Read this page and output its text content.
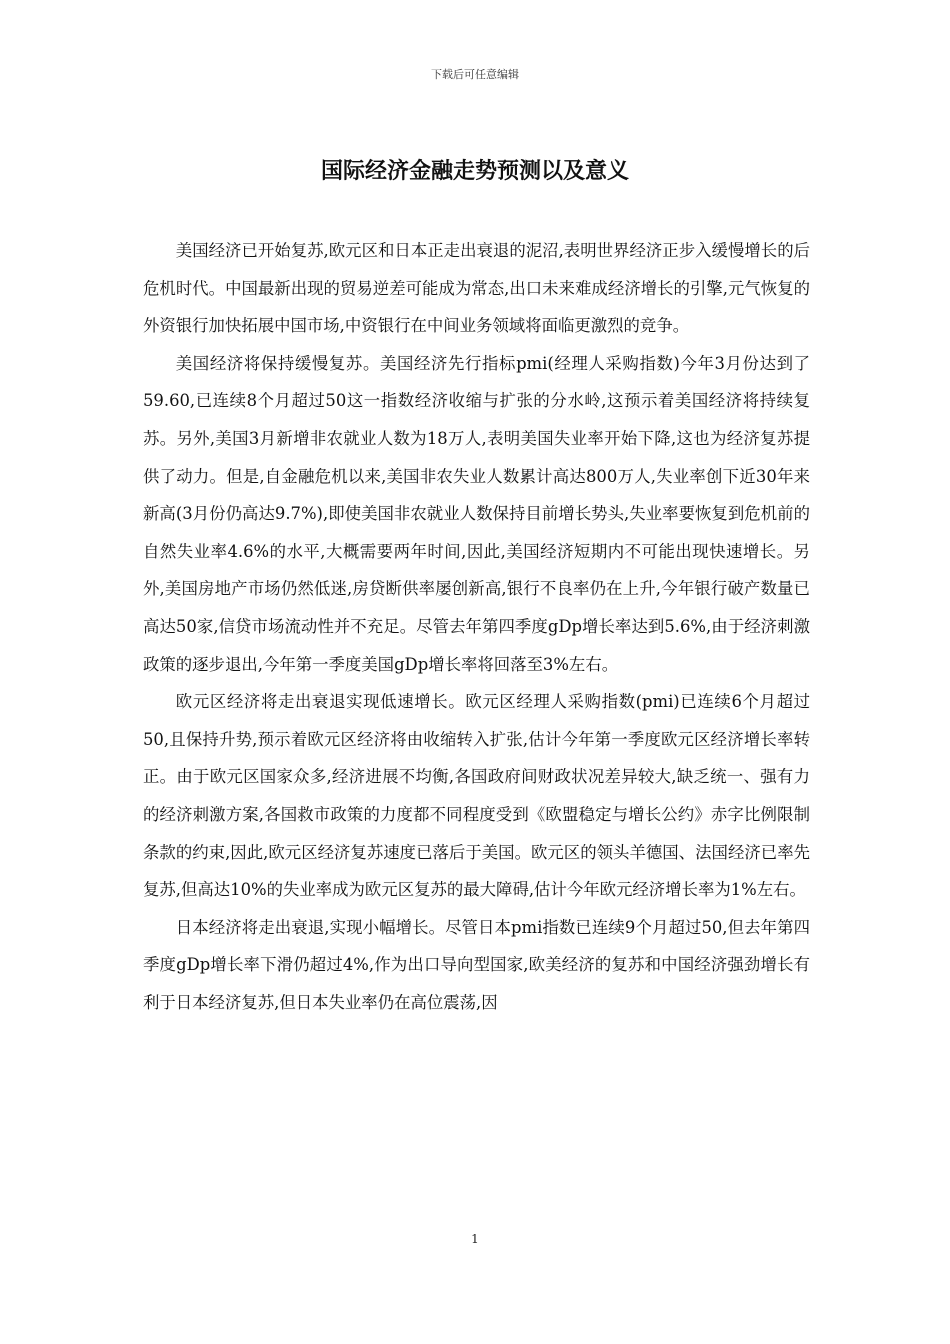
下载后可任意编辑
国际经济金融走势预测以及意义

美国经济已开始复苏,欧元区和日本正走出衰退的泥沼,表明世界经济正步入缓慢增长的后危机时代。中国最新出现的贸易逆差可能成为常态,出口未来难成经济增长的引擎,元气恢复的外资银行加快拓展中国市场,中资银行在中间业务领域将面临更激烈的竞争。

美国经济将保持缓慢复苏。美国经济先行指标pmi(经理人采购指数)今年3月份达到了59.60,已连续8个月超过50这一指数经济收缩与扩张的分水岭,这预示着美国经济将持续复苏。另外,美国3月新增非农就业人数为18万人,表明美国失业率开始下降,这也为经济复苏提供了动力。但是,自金融危机以来,美国非农失业人数累计高达800万人,失业率创下近30年来新高(3月份仍高达9.7%),即使美国非农就业人数保持目前增长势头,失业率要恢复到危机前的自然失业率4.6%的水平,大概需要两年时间,因此,美国经济短期内不可能出现快速增长。另外,美国房地产市场仍然低迷,房贷断供率屡创新高,银行不良率仍在上升,今年银行破产数量已高达50家,信贷市场流动性并不充足。尽管去年第四季度gDp增长率达到5.6%,由于经济刺激政策的逐步退出,今年第一季度美国gDp增长率将回落至3%左右。

欧元区经济将走出衰退实现低速增长。欧元区经理人采购指数(pmi)已连续6个月超过50,且保持升势,预示着欧元区经济将由收缩转入扩张,估计今年第一季度欧元区经济增长率转正。由于欧元区国家众多,经济进展不均衡,各国政府间财政状况差异较大,缺乏统一、强有力的经济刺激方案,各国救市政策的力度都不同程度受到《欧盟稳定与增长公约》赤字比例限制条款的约束,因此,欧元区经济复苏速度已落后于美国。欧元区的领头羊德国、法国经济已率先复苏,但高达10%的失业率成为欧元区复苏的最大障碍,估计今年欧元经济增长率为1%左右。

日本经济将走出衰退,实现小幅增长。尽管日本pmi指数已连续9个月超过50,但去年第四季度gDp增长率下滑仍超过4%,作为出口导向型国家,欧美经济的复苏和中国经济强劲增长有利于日本经济复苏,但日本失业率仍在高位震荡,因

1
